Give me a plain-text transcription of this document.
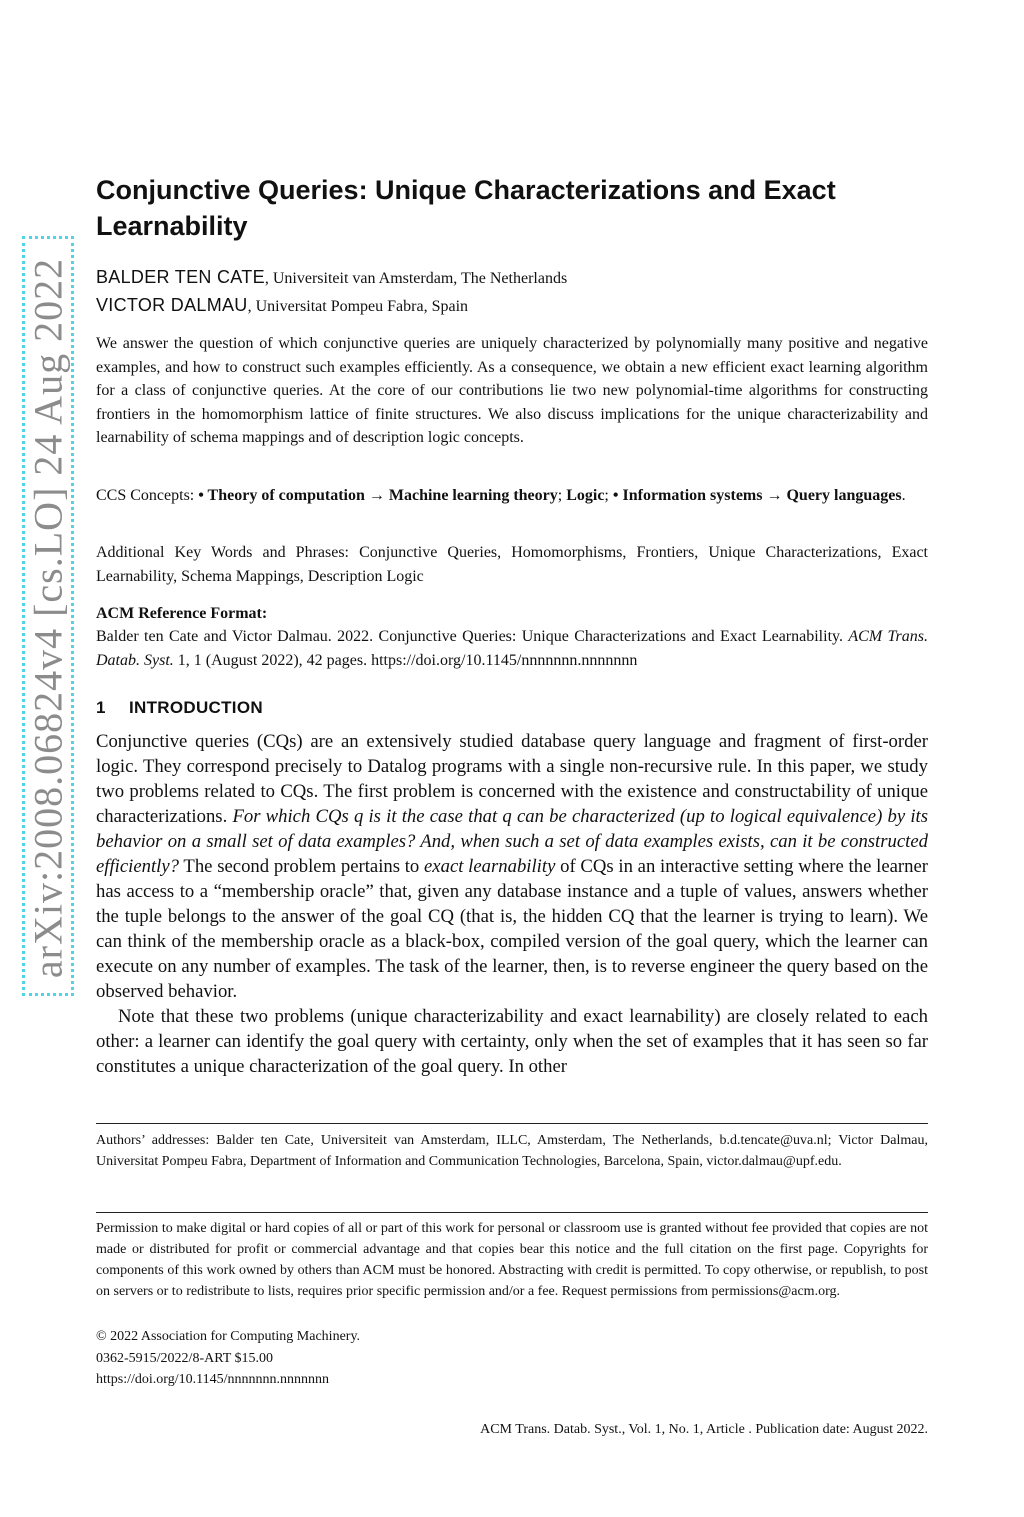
arXiv:2008.06824v4 [cs.LO] 24 Aug 2022
Conjunctive Queries: Unique Characterizations and Exact Learnability
BALDER TEN CATE, Universiteit van Amsterdam, The Netherlands
VICTOR DALMAU, Universitat Pompeu Fabra, Spain
We answer the question of which conjunctive queries are uniquely characterized by polynomially many positive and negative examples, and how to construct such examples efficiently. As a consequence, we obtain a new efficient exact learning algorithm for a class of conjunctive queries. At the core of our contributions lie two new polynomial-time algorithms for constructing frontiers in the homomorphism lattice of finite structures. We also discuss implications for the unique characterizability and learnability of schema mappings and of description logic concepts.
CCS Concepts: • Theory of computation → Machine learning theory; Logic; • Information systems → Query languages.
Additional Key Words and Phrases: Conjunctive Queries, Homomorphisms, Frontiers, Unique Characterizations, Exact Learnability, Schema Mappings, Description Logic
ACM Reference Format:
Balder ten Cate and Victor Dalmau. 2022. Conjunctive Queries: Unique Characterizations and Exact Learnability. ACM Trans. Datab. Syst. 1, 1 (August 2022), 42 pages. https://doi.org/10.1145/nnnnnnn.nnnnnnn
1 INTRODUCTION

Conjunctive queries (CQs) are an extensively studied database query language and fragment of first-order logic. They correspond precisely to Datalog programs with a single non-recursive rule. In this paper, we study two problems related to CQs. The first problem is concerned with the existence and constructability of unique characterizations. For which CQs q is it the case that q can be characterized (up to logical equivalence) by its behavior on a small set of data examples? And, when such a set of data examples exists, can it be constructed efficiently? The second problem pertains to exact learnability of CQs in an interactive setting where the learner has access to a “membership oracle” that, given any database instance and a tuple of values, answers whether the tuple belongs to the answer of the goal CQ (that is, the hidden CQ that the learner is trying to learn). We can think of the membership oracle as a black-box, compiled version of the goal query, which the learner can execute on any number of examples. The task of the learner, then, is to reverse engineer the query based on the observed behavior.

Note that these two problems (unique characterizability and exact learnability) are closely related to each other: a learner can identify the goal query with certainty, only when the set of examples that it has seen so far constitutes a unique characterization of the goal query. In other

Authors’ addresses: Balder ten Cate, Universiteit van Amsterdam, ILLC, Amsterdam, The Netherlands, b.d.tencate@uva.nl; Victor Dalmau, Universitat Pompeu Fabra, Department of Information and Communication Technologies, Barcelona, Spain, victor.dalmau@upf.edu.
Permission to make digital or hard copies of all or part of this work for personal or classroom use is granted without fee provided that copies are not made or distributed for profit or commercial advantage and that copies bear this notice and the full citation on the first page. Copyrights for components of this work owned by others than ACM must be honored. Abstracting with credit is permitted. To copy otherwise, or republish, to post on servers or to redistribute to lists, requires prior specific permission and/or a fee. Request permissions from permissions@acm.org.
© 2022 Association for Computing Machinery.
0362-5915/2022/8-ART $15.00
https://doi.org/10.1145/nnnnnnn.nnnnnnn
ACM Trans. Datab. Syst., Vol. 1, No. 1, Article . Publication date: August 2022.
